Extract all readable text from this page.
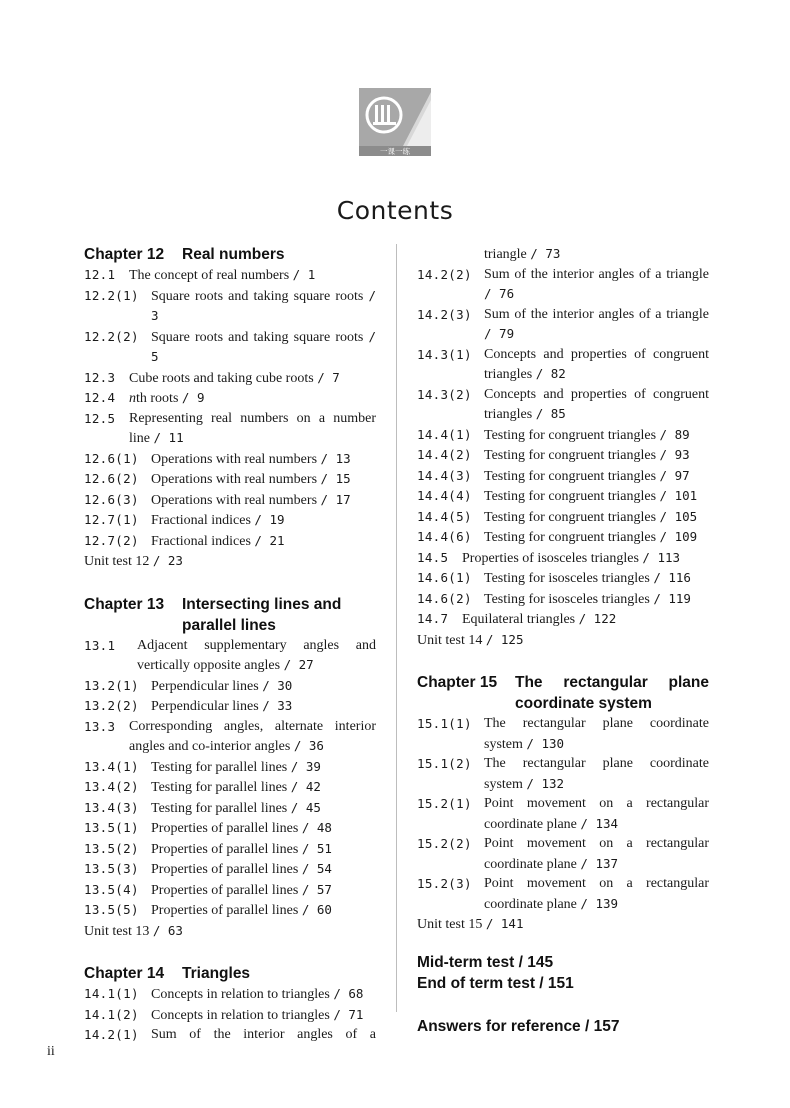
一课一练
Contents
Chapter 12	Real numbers
12.1 The concept of real numbers / 1
12.2(1) Square roots and taking square roots / 3
12.2(2) Square roots and taking square roots / 5
12.3 Cube roots and taking cube roots / 7
12.4 nth roots / 9
12.5 Representing real numbers on a number line / 11
12.6(1) Operations with real numbers / 13
12.6(2) Operations with real numbers / 15
12.6(3) Operations with real numbers / 17
12.7(1) Fractional indices / 19
12.7(2) Fractional indices / 21
Unit test 12 / 23
Chapter 13	Intersecting lines and parallel lines
13.1	Adjacent supplementary angles and vertically opposite angles / 27
13.2(1) Perpendicular lines / 30
13.2(2) Perpendicular lines / 33
13.3 Corresponding angles, alternate interior angles and co-interior angles / 36
13.4(1) Testing for parallel lines / 39
13.4(2) Testing for parallel lines / 42
13.4(3) Testing for parallel lines / 45
13.5(1) Properties of parallel lines / 48
13.5(2) Properties of parallel lines / 51
13.5(3) Properties of parallel lines / 54
13.5(4) Properties of parallel lines / 57
13.5(5) Properties of parallel lines / 60
Unit test 13 / 63
Chapter 14	Triangles
14.1(1) Concepts in relation to triangles / 68
14.1(2) Concepts in relation to triangles / 71
14.2(1) Sum of the interior angles of a
triangle / 73
14.2(2) Sum of the interior angles of a triangle / 76
14.2(3) Sum of the interior angles of a triangle / 79
14.3(1) Concepts and properties of congruent triangles / 82
14.3(2) Concepts and properties of congruent triangles / 85
14.4(1) Testing for congruent triangles / 89
14.4(2) Testing for congruent triangles / 93
14.4(3) Testing for congruent triangles / 97
14.4(4) Testing for congruent triangles / 101
14.4(5) Testing for congruent triangles / 105
14.4(6) Testing for congruent triangles / 109
14.5 Properties of isosceles triangles / 113
14.6(1) Testing for isosceles triangles / 116
14.6(2) Testing for isosceles triangles / 119
14.7 Equilateral triangles / 122
Unit test 14 / 125
Chapter 15	The rectangular plane coordinate system
15.1(1) The rectangular plane coordinate system / 130
15.1(2) The rectangular plane coordinate system / 132
15.2(1) Point movement on a rectangular coordinate plane / 134
15.2(2) Point movement on a rectangular coordinate plane / 137
15.2(3) Point movement on a rectangular coordinate plane / 139
Unit test 15 / 141
Mid-term test / 145
End of term test / 151
Answers for reference / 157
ii
